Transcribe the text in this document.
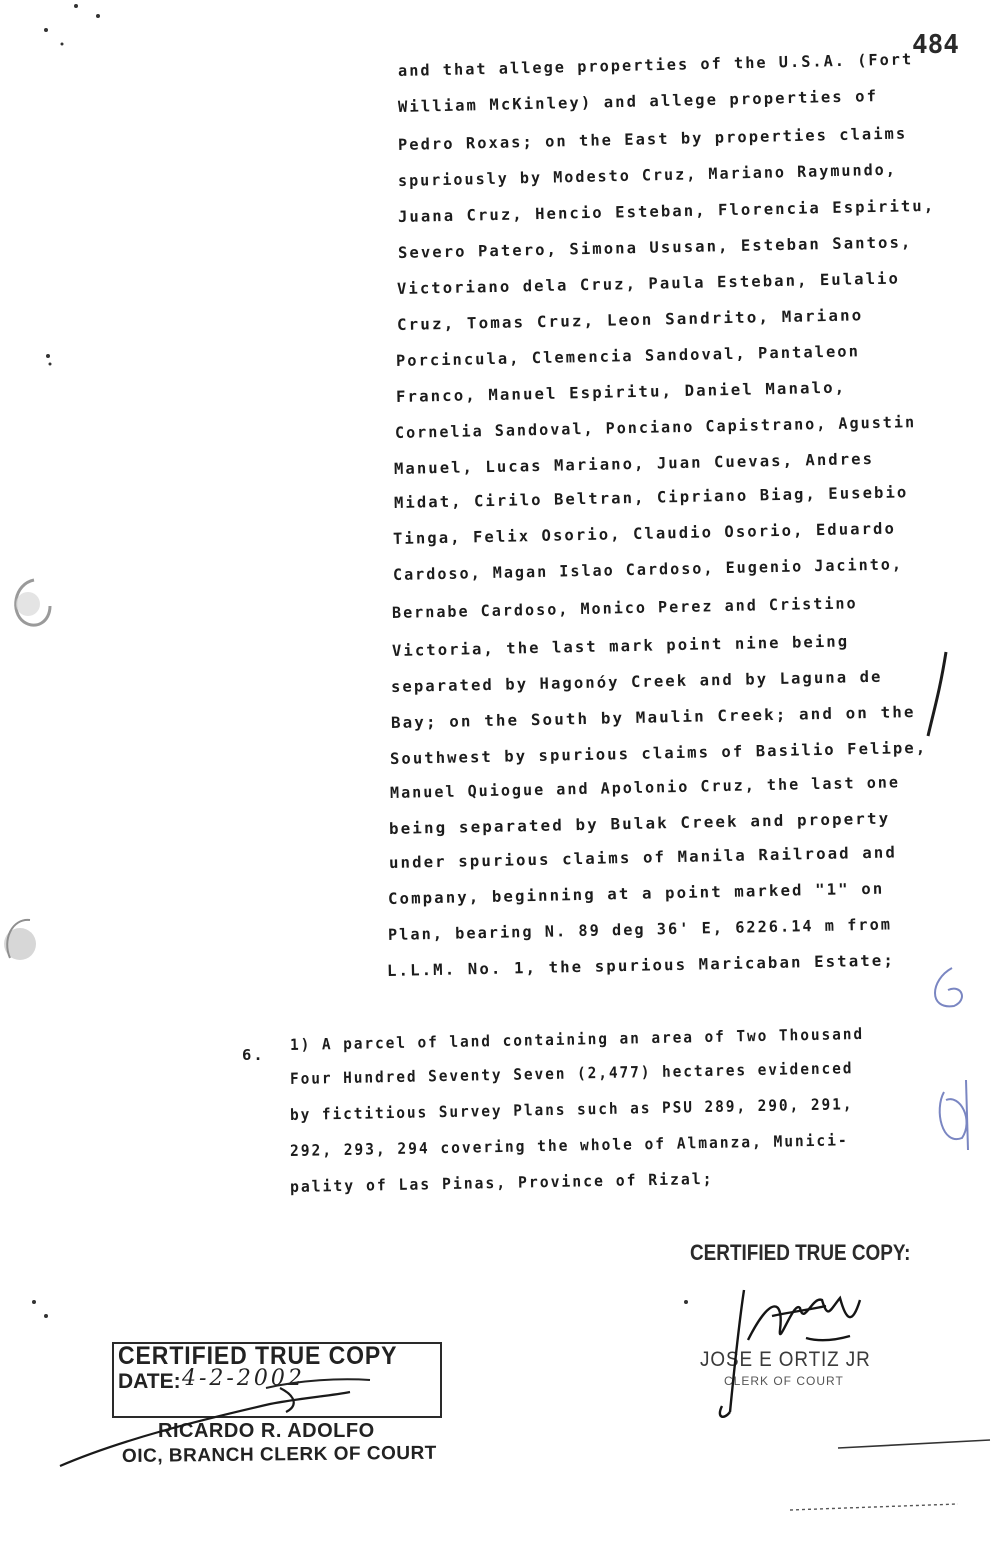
484
and that allege properties of the U.S.A. (Fort
William McKinley) and allege properties of
Pedro Roxas; on the East by properties claims
spuriously by Modesto Cruz, Mariano Raymundo,
Juana Cruz, Hencio Esteban, Florencia Espiritu,
Severo Patero, Simona Ususan, Esteban Santos,
Victoriano dela Cruz, Paula Esteban, Eulalio
Cruz, Tomas Cruz, Leon Sandrito, Mariano
Porcincula, Clemencia Sandoval, Pantaleon
Franco, Manuel Espiritu, Daniel Manalo,
Cornelia Sandoval, Ponciano Capistrano, Agustin
Manuel, Lucas Mariano, Juan Cuevas, Andres
Midat, Cirilo Beltran, Cipriano Biag, Eusebio
Tinga, Felix Osorio, Claudio Osorio, Eduardo
Cardoso, Magan Islao Cardoso, Eugenio Jacinto,
Bernabe Cardoso, Monico Perez and Cristino
Victoria, the last mark point nine being
separated by Hagonóy Creek and by Laguna de
Bay; on the South by Maulin Creek; and on the
Southwest by spurious claims of Basilio Felipe,
Manuel Quiogue and Apolonio Cruz, the last one
being separated by Bulak Creek and property
under spurious claims of Manila Railroad and
Company, beginning at a point marked "1" on
Plan, bearing N. 89 deg 36' E, 6226.14 m from
L.L.M. No. 1, the spurious Maricaban Estate;
6.
1) A parcel of land containing an area of Two Thousand
Four Hundred Seventy Seven (2,477) hectares evidenced
by fictitious Survey Plans such as PSU 289, 290, 291,
292, 293, 294 covering the whole of Almanza, Munici-
pality of Las Pinas, Province of Rizal;
CERTIFIED TRUE COPY:
JOSE E ORTIZ JR
CLERK OF COURT
CERTIFIED TRUE COPY
DATE: 4-2-2002
RICARDO R. ADOLFO
OIC, BRANCH CLERK OF COURT
